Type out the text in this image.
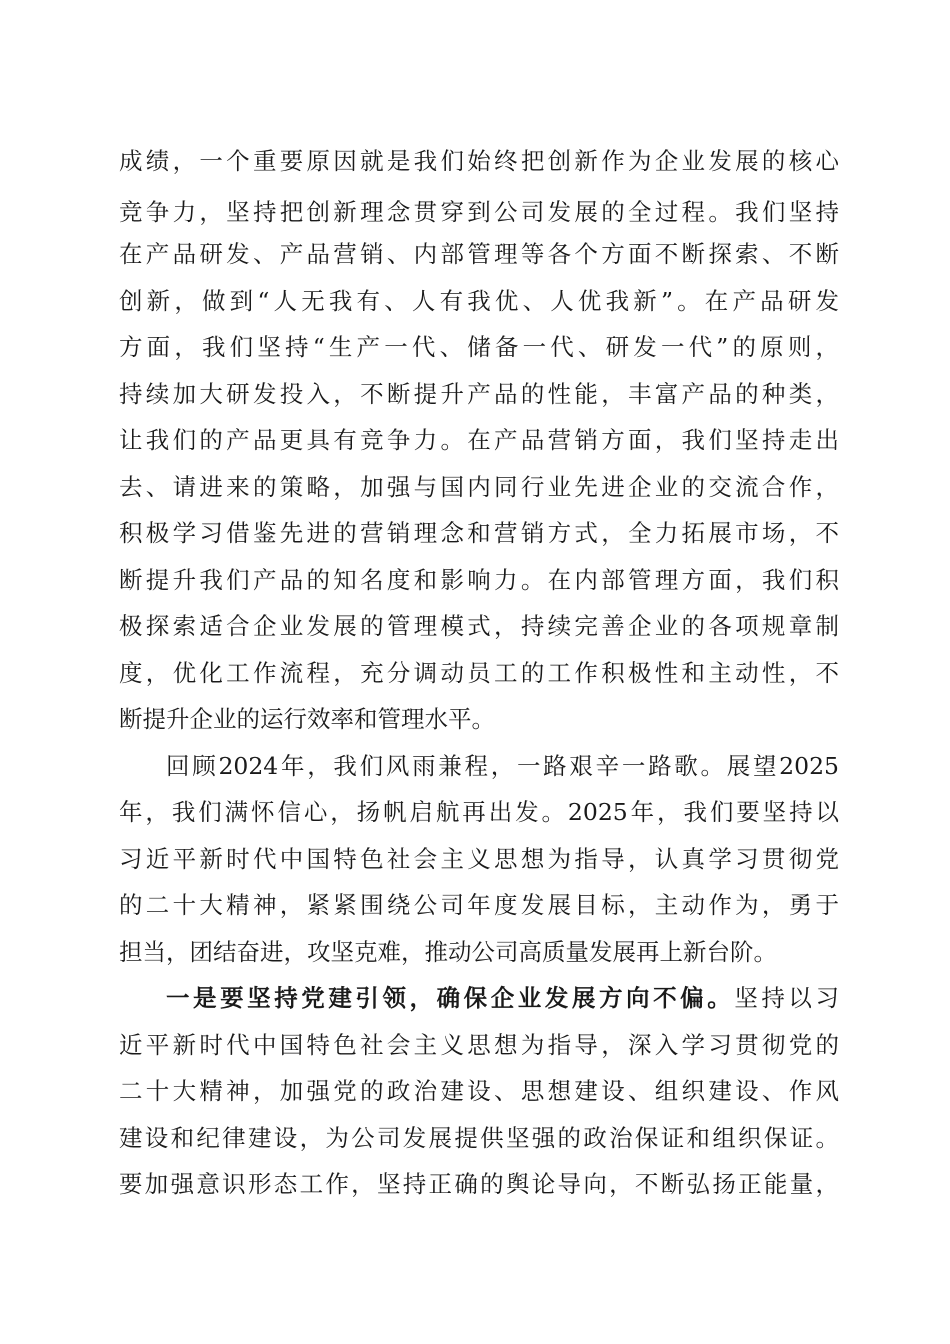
成绩，一个重要原因就是我们始终把创新作为企业发展的核心
竞争力，坚持把创新理念贯穿到公司发展的全过程。我们坚持
在产品研发、产品营销、内部管理等各个方面不断探索、不断
创新，做到“人无我有、人有我优、人优我新”。在产品研发
方面，我们坚持“生产一代、储备一代、研发一代”的原则，
持续加大研发投入，不断提升产品的性能，丰富产品的种类，
让我们的产品更具有竞争力。在产品营销方面，我们坚持走出
去、请进来的策略，加强与国内同行业先进企业的交流合作，
积极学习借鉴先进的营销理念和营销方式，全力拓展市场，不
断提升我们产品的知名度和影响力。在内部管理方面，我们积
极探索适合企业发展的管理模式，持续完善企业的各项规章制
度，优化工作流程，充分调动员工的工作积极性和主动性，不
断提升企业的运行效率和管理水平。
回顾2024年，我们风雨兼程，一路艰辛一路歌。展望2025
年，我们满怀信心，扬帆启航再出发。2025年，我们要坚持以
习近平新时代中国特色社会主义思想为指导，认真学习贯彻党
的二十大精神，紧紧围绕公司年度发展目标，主动作为，勇于
担当，团结奋进，攻坚克难，推动公司高质量发展再上新台阶。
一是要坚持党建引领，确保企业发展方向不偏。坚持以习
近平新时代中国特色社会主义思想为指导，深入学习贯彻党的
二十大精神，加强党的政治建设、思想建设、组织建设、作风
建设和纪律建设，为公司发展提供坚强的政治保证和组织保证。
要加强意识形态工作，坚持正确的舆论导向，不断弘扬正能量，
